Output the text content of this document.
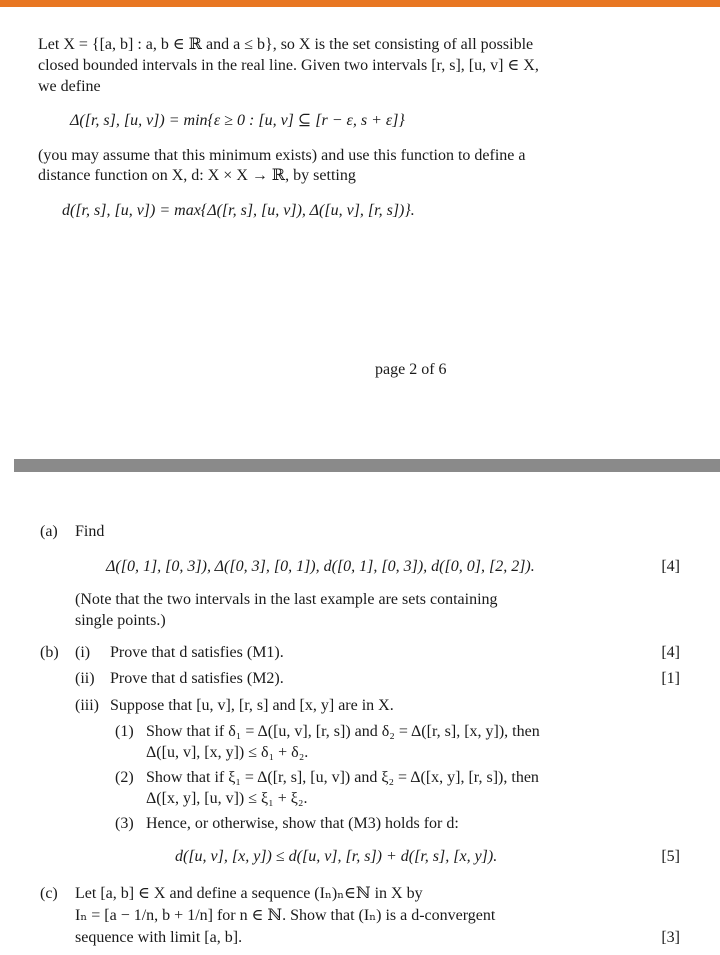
Let X = {[a, b] : a, b ∈ ℝ and a ≤ b}, so X is the set consisting of all possible
closed bounded intervals in the real line. Given two intervals [r, s], [u, v] ∈ X,
we define
Δ([r, s], [u, v]) = min{ε ≥ 0 : [u, v] ⊆ [r − ε, s + ε]}
(you may assume that this minimum exists) and use this function to define a
distance function on X, d: X × X → ℝ, by setting
d([r, s], [u, v]) = max{Δ([r, s], [u, v]), Δ([u, v], [r, s])}.
page 2 of 6
(a) Find
Δ([0, 1], [0, 3]), Δ([0, 3], [0, 1]), d([0, 1], [0, 3]), d([0, 0], [2, 2]).	[4]
(Note that the two intervals in the last example are sets containing
single points.)
(b) (i) Prove that d satisfies (M1).	[4]
(ii) Prove that d satisfies (M2).	[1]
(iii) Suppose that [u, v], [r, s] and [x, y] are in X.
(1) Show that if δ₁ = Δ([u, v], [r, s]) and δ₂ = Δ([r, s], [x, y]), then
Δ([u, v], [x, y]) ≤ δ₁ + δ₂.
(2) Show that if ξ₁ = Δ([r, s], [u, v]) and ξ₂ = Δ([x, y], [r, s]), then
Δ([x, y], [u, v]) ≤ ξ₁ + ξ₂.
(3) Hence, or otherwise, show that (M3) holds for d:
d([u, v], [x, y]) ≤ d([u, v], [r, s]) + d([r, s], [x, y]).	[5]
(c) Let [a, b] ∈ X and define a sequence (Iₙ)ₙ∈ℕ in X by
Iₙ = [a − 1/n, b + 1/n] for n ∈ ℕ. Show that (Iₙ) is a d-convergent
sequence with limit [a, b].	[3]
